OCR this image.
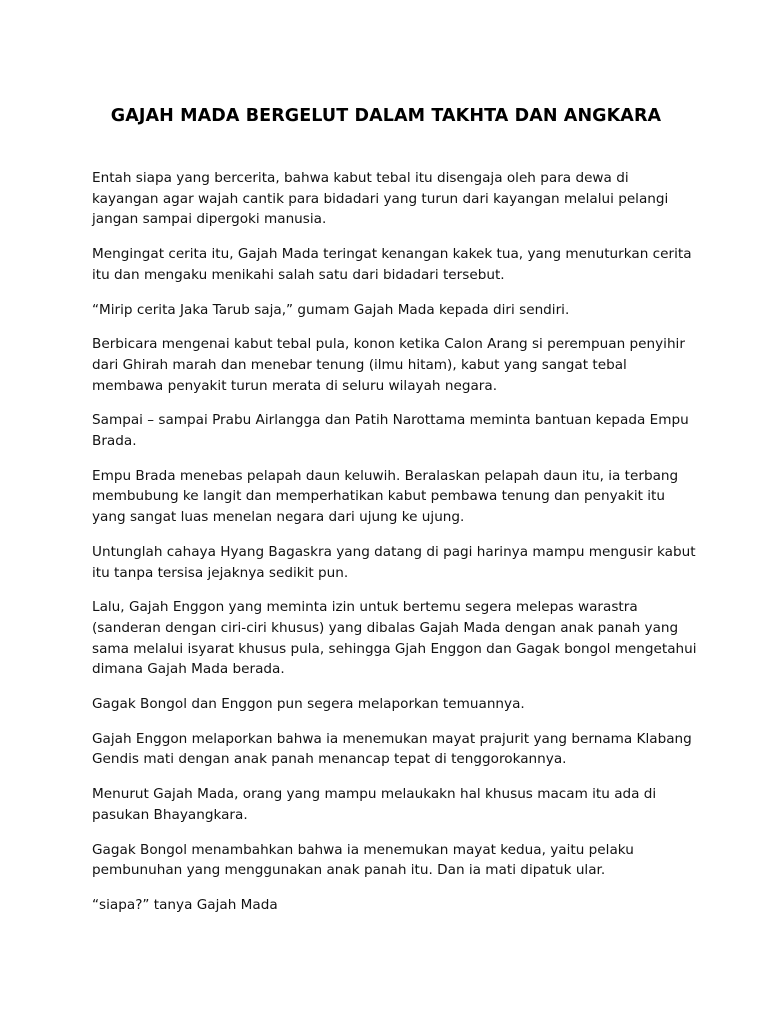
GAJAH MADA BERGELUT DALAM TAKHTA DAN ANGKARA

Entah siapa yang bercerita, bahwa kabut tebal itu disengaja oleh para dewa di kayangan agar wajah cantik para bidadari yang turun dari kayangan melalui pelangi jangan sampai dipergoki manusia.

Mengingat cerita itu, Gajah Mada teringat kenangan kakek tua, yang menuturkan cerita itu dan mengaku menikahi salah satu dari bidadari tersebut.

“Mirip cerita Jaka Tarub saja,” gumam Gajah Mada kepada diri sendiri.

Berbicara mengenai kabut tebal pula, konon ketika Calon Arang si perempuan penyihir dari Ghirah marah dan menebar tenung (ilmu hitam), kabut yang sangat tebal membawa penyakit turun merata di seluru wilayah negara.

Sampai – sampai Prabu Airlangga dan Patih Narottama meminta bantuan kepada Empu Brada.

Empu Brada menebas pelapah daun keluwih. Beralaskan pelapah daun itu, ia terbang membubung ke langit dan memperhatikan kabut pembawa tenung dan penyakit itu yang sangat luas menelan negara dari ujung ke ujung.

Untunglah cahaya Hyang Bagaskra yang datang di pagi harinya mampu mengusir kabut itu tanpa tersisa jejaknya sedikit pun.

Lalu, Gajah Enggon yang meminta izin untuk bertemu segera melepas warastra (sanderan dengan ciri-ciri khusus) yang dibalas Gajah Mada dengan anak panah yang sama melalui isyarat khusus pula, sehingga Gjah Enggon dan Gagak bongol mengetahui dimana Gajah Mada berada.

Gagak Bongol dan Enggon pun segera melaporkan temuannya.

Gajah Enggon melaporkan bahwa ia menemukan mayat prajurit yang bernama Klabang Gendis mati dengan anak panah menancap tepat di tenggorokannya.

Menurut Gajah Mada, orang yang mampu melaukakn hal khusus macam itu ada di pasukan Bhayangkara.

Gagak Bongol menambahkan bahwa ia menemukan mayat kedua, yaitu pelaku pembunuhan yang menggunakan anak panah itu. Dan ia mati dipatuk ular.

“siapa?” tanya Gajah Mada
